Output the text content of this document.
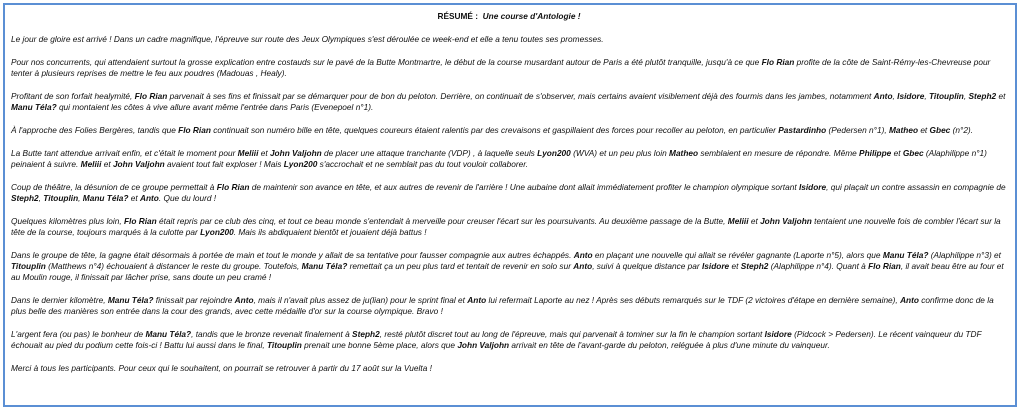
RÉSUMÉ : Une course d'Antologie !

Le jour de gloire est arrivé ! Dans un cadre magnifique, l'épreuve sur route des Jeux Olympiques s'est déroulée ce week-end et elle a tenu toutes ses promesses.

Pour nos concurrents, qui attendaient surtout la grosse explication entre costauds sur le pavé de la Butte Montmartre, le début de la course musardant autour de Paris a été plutôt tranquille, jusqu'à ce que Flo Rian profite de la côte de Saint-Rémy-les-Chevreuse pour tenter à plusieurs reprises de mettre le feu aux poudres (Madouas , Healy).

Profitant de son forfait healymité, Flo Rian parvenait à ses fins et finissait par se démarquer pour de bon du peloton. Derrière, on continuait de s'observer, mais certains avaient visiblement déjà des fourmis dans les jambes, notamment Anto, Isidore, Titouplin, Steph2 et Manu Téla? qui montaient les côtes à vive allure avant même l'entrée dans Paris (Evenepoel n°1).

À l'approche des Folies Bergères, tandis que Flo Rian continuait son numéro bille en tête, quelques coureurs étaient ralentis par des crevaisons et gaspillaient des forces pour recoller au peloton, en particulier Pastardinho (Pedersen n°1), Matheo et Gbec (n°2).

La Butte tant attendue arrivait enfin, et c'était le moment pour Meliii et John Valjohn de placer une attaque tranchante (VDP) , à laquelle seuls Lyon200 (WVA) et un peu plus loin Matheo semblaient en mesure de répondre. Même Philippe et Gbec (Alaphilippe n°1) peinaient à suivre. Meliii et John Valjohn avaient tout fait exploser ! Mais Lyon200 s'accrochait et ne semblait pas du tout vouloir collaborer.

Coup de théâtre, la désunion de ce groupe permettait à Flo Rian de maintenir son avance en tête, et aux autres de revenir de l'arrière ! Une aubaine dont allait immédiatement profiter le champion olympique sortant Isidore, qui plaçait un contre assassin en compagnie de Steph2, Titouplin, Manu Téla? et Anto. Que du lourd !

Quelques kilomètres plus loin, Flo Rian était repris par ce club des cinq, et tout ce beau monde s'entendait à merveille pour creuser l'écart sur les poursuivants. Au deuxième passage de la Butte, Meliii et John Valjohn tentaient une nouvelle fois de combler l'écart sur la tête de la course, toujours marqués à la culotte par Lyon200. Mais ils abdiquaient bientôt et jouaient déjà battus !

Dans le groupe de tête, la gagne était désormais à portée de main et tout le monde y allait de sa tentative pour fausser compagnie aux autres échappés. Anto en plaçant une nouvelle qui allait se révéler gagnante (Laporte n°5), alors que Manu Téla? (Alaphilippe n°3) et Titouplin (Matthews n°4) échouaient à distancer le reste du groupe. Toutefois, Manu Téla? remettait ça un peu plus tard et tentait de revenir en solo sur Anto, suivi à quelque distance par Isidore et Steph2 (Alaphilippe n°4). Quant à Flo Rian, il avait beau être au four et au Moulin rouge, il finissait par lâcher prise, sans doute un peu cramé !

Dans le dernier kilomètre, Manu Téla? finissait par rejoindre Anto, mais il n'avait plus assez de ju(lian) pour le sprint final et Anto lui refermait Laporte au nez ! Après ses débuts remarqués sur le TDF (2 victoires d'étape en dernière semaine), Anto confirme donc de la plus belle des manières son entrée dans la cour des grands, avec cette médaille d'or sur la course olympique. Bravo !

L'argent fera (ou pas) le bonheur de Manu Téla?, tandis que le bronze revenait finalement à Steph2, resté plutôt discret tout au long de l'épreuve, mais qui parvenait à tominer sur la fin le champion sortant Isidore (Pidcock > Pedersen). Le récent vainqueur du TDF échouait au pied du podium cette fois-ci ! Battu lui aussi dans le final, Titouplin prenait une bonne 5ème place, alors que John Valjohn arrivait en tête de l'avant-garde du peloton, reléguée à plus d'une minute du vainqueur.

Merci à tous les participants. Pour ceux qui le souhaitent, on pourrait se retrouver à partir du 17 août sur la Vuelta !
